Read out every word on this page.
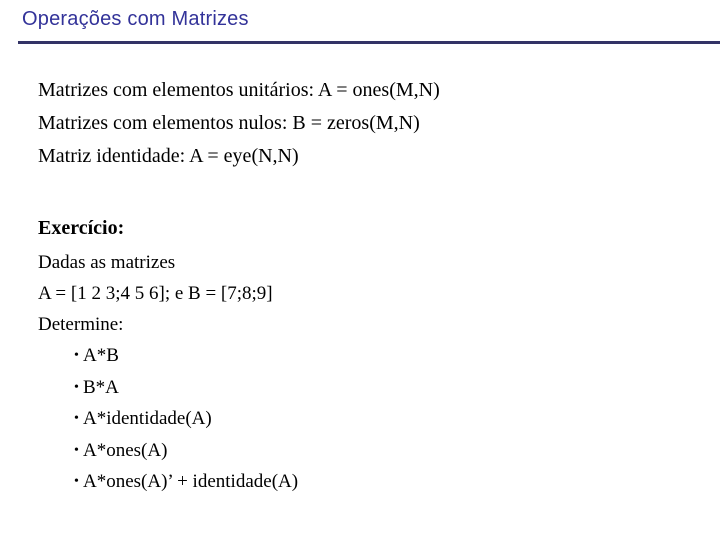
Operações com Matrizes
Matrizes com elementos unitários: A = ones(M,N)
Matrizes com elementos nulos: B = zeros(M,N)
Matriz identidade: A = eye(N,N)
Exercício:
Dadas as matrizes
A = [1 2 3;4 5 6]; e B = [7;8;9]
Determine:
• A*B
• B*A
• A*identidade(A)
• A*ones(A)
• A*ones(A)’ + identidade(A)
